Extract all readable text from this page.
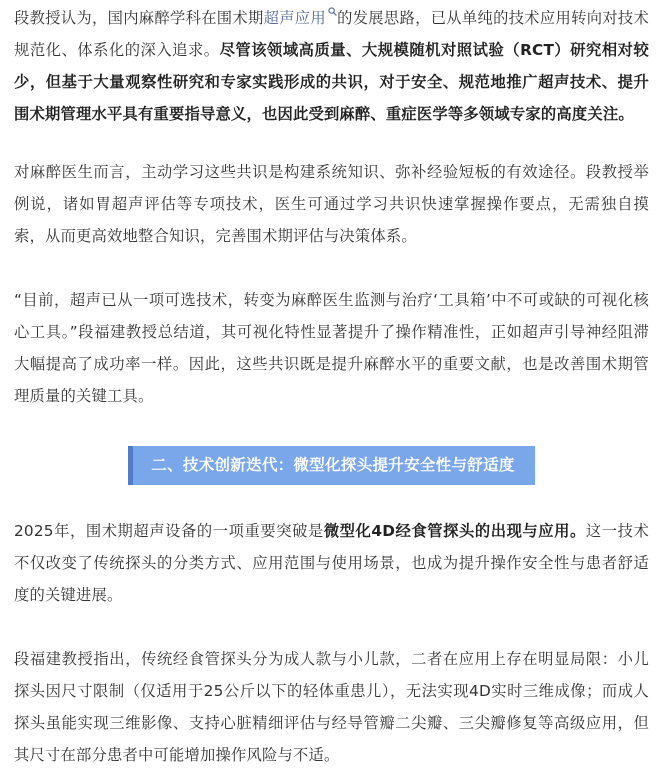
段教授认为，国内麻醉学科在围术期超声应用 的发展思路，已从单纯的技术应用转向对技术规范化、体系化的深入追求。尽管该领域高质量、大规模随机对照试验（RCT）研究相对较少，但基于大量观察性研究和专家实践形成的共识，对于安全、规范地推广超声技术、提升围术期管理水平具有重要指导意义，也因此受到麻醉、重症医学等多领域专家的高度关注。

对麻醉医生而言，主动学习这些共识是构建系统知识、弥补经验短板的有效途径。段教授举例说，诸如胃超声评估等专项技术，医生可通过学习共识快速掌握操作要点，无需独自摸索，从而更高效地整合知识，完善围术期评估与决策体系。

“目前，超声已从一项可选技术，转变为麻醉医生监测与治疗‘工具箱’中不可或缺的可视化核心工具。”段福建教授总结道，其可视化特性显著提升了操作精准性，正如超声引导神经阻滞大幅提高了成功率一样。因此，这些共识既是提升麻醉水平的重要文献，也是改善围术期管理质量的关键工具。

二、技术创新迭代：微型化探头提升安全性与舒适度

2025年，围术期超声设备的一项重要突破是微型化4D经食管探头的出现与应用。这一技术不仅改变了传统探头的分类方式、应用范围与使用场景，也成为提升操作安全性与患者舒适度的关键进展。

段福建教授指出，传统经食管探头分为成人款与小儿款，二者在应用上存在明显局限：小儿探头因尺寸限制（仅适用于25公斤以下的轻体重患儿），无法实现4D实时三维成像；而成人探头虽能实现三维影像、支持心脏精细评估与经导管瓣二尖瓣、三尖瓣修复等高级应用，但其尺寸在部分患者中可能增加操作风险与不适。
